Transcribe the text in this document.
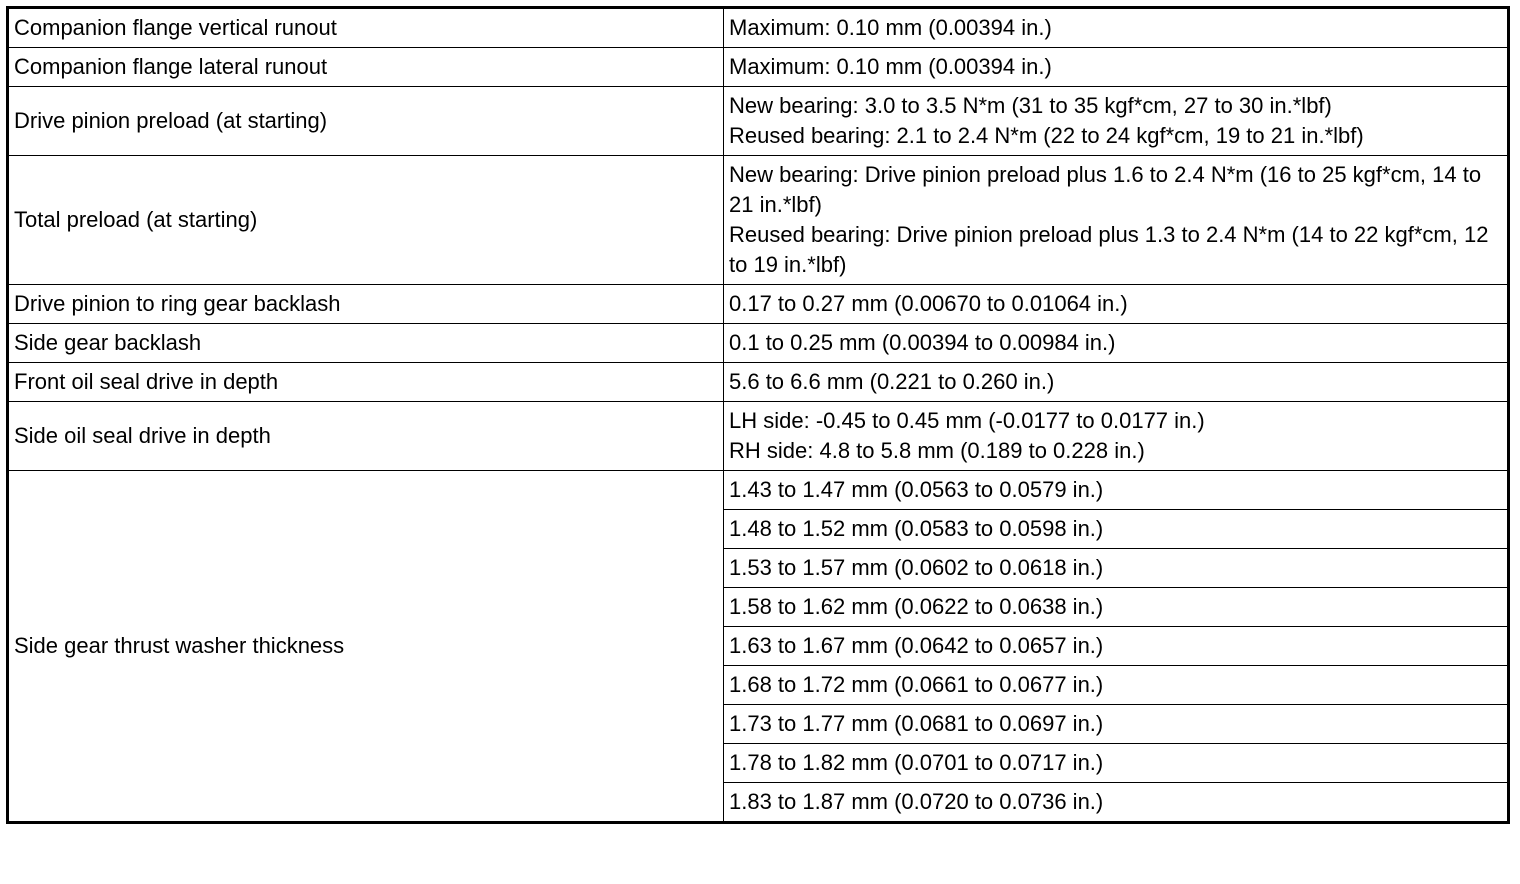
Companion flange vertical runout	Maximum: 0.10 mm (0.00394 in.)

Companion flange lateral runout	Maximum: 0.10 mm (0.00394 in.)

Drive pinion preload (at starting)	New bearing: 3.0 to 3.5 N*m (31 to 35 kgf*cm, 27 to 30 in.*lbf)
Reused bearing: 2.1 to 2.4 N*m (22 to 24 kgf*cm, 19 to 21 in.*lbf)

Total preload (at starting)	New bearing: Drive pinion preload plus 1.6 to 2.4 N*m (16 to 25 kgf*cm, 14 to 21 in.*lbf)
Reused bearing: Drive pinion preload plus 1.3 to 2.4 N*m (14 to 22 kgf*cm, 12 to 19 in.*lbf)

Drive pinion to ring gear backlash	0.17 to 0.27 mm (0.00670 to 0.01064 in.)

Side gear backlash	0.1 to 0.25 mm (0.00394 to 0.00984 in.)

Front oil seal drive in depth	5.6 to 6.6 mm (0.221 to 0.260 in.)

Side oil seal drive in depth	LH side: -0.45 to 0.45 mm (-0.0177 to 0.0177 in.)
RH side: 4.8 to 5.8 mm (0.189 to 0.228 in.)

Side gear thrust washer thickness	1.43 to 1.47 mm (0.0563 to 0.0579 in.)
	1.48 to 1.52 mm (0.0583 to 0.0598 in.)
	1.53 to 1.57 mm (0.0602 to 0.0618 in.)
	1.58 to 1.62 mm (0.0622 to 0.0638 in.)
	1.63 to 1.67 mm (0.0642 to 0.0657 in.)
	1.68 to 1.72 mm (0.0661 to 0.0677 in.)
	1.73 to 1.77 mm (0.0681 to 0.0697 in.)
	1.78 to 1.82 mm (0.0701 to 0.0717 in.)
	1.83 to 1.87 mm (0.0720 to 0.0736 in.)
